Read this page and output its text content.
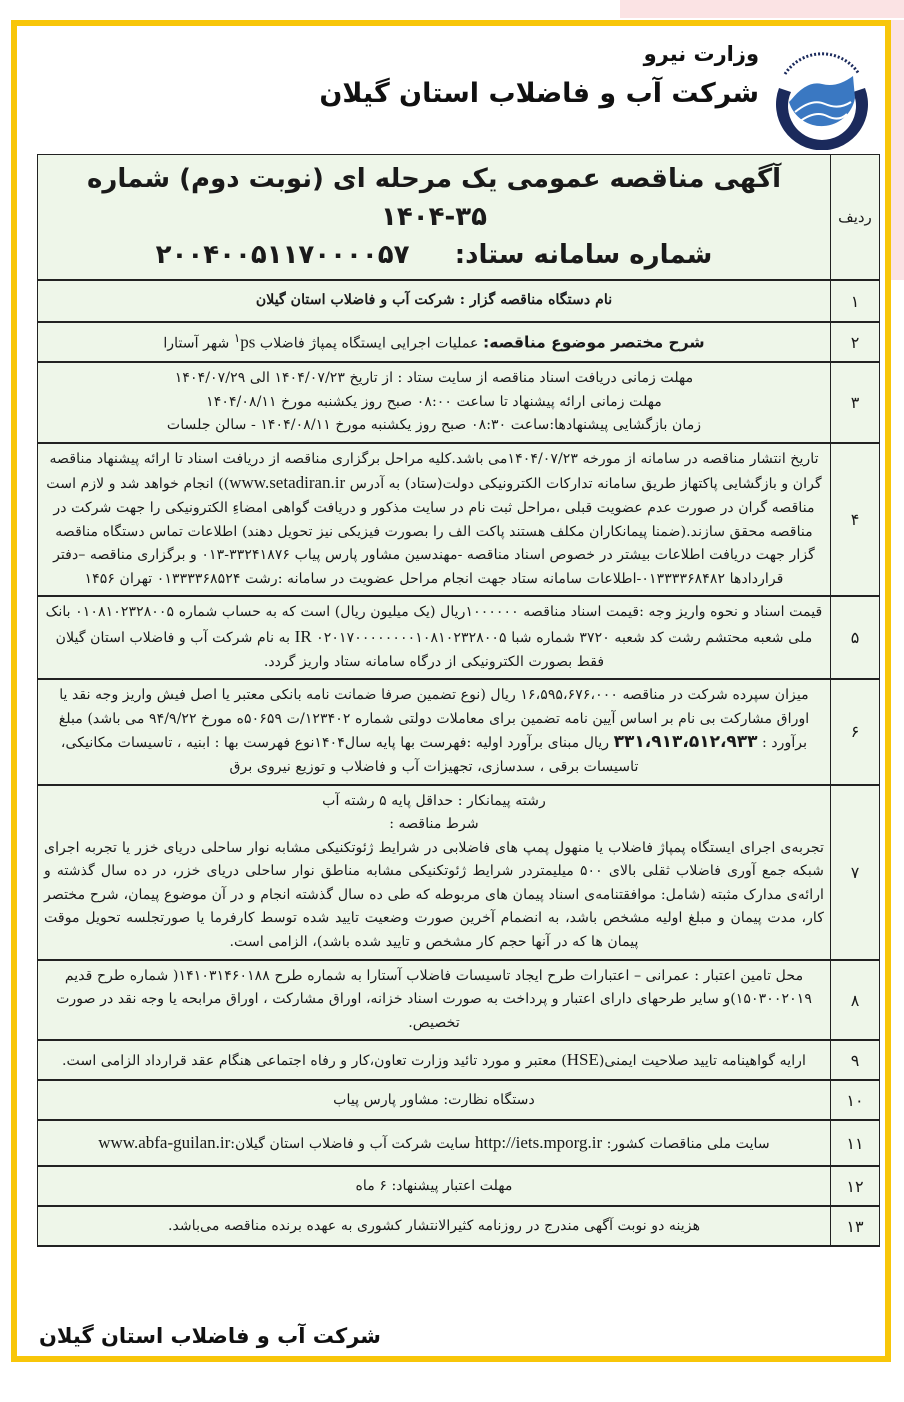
وزارت نیرو
شرکت آب و فاضلاب استان گیلان
ردیف	آگهی مناقصه عمومی یک مرحله ای (نوبت دوم) شماره ۳۵-۱۴۰۴
شماره سامانه ستاد:     ۲۰۰۴۰۰۵۱۱۷۰۰۰۰۵۷

۱	نام دستگاه مناقصه گزار : شرکت آب و فاضلاب استان گیلان
۲	شرح مختصر موضوع مناقصه: عملیات اجرایی ایستگاه پمپاژ فاضلاب $^۱$ps شهر آستارا
۳	مهلت زمانی دریافت اسناد مناقصه از سایت ستاد : از تاریخ ۱۴۰۴/۰۷/۲۳ الی ۱۴۰۴/۰۷/۲۹
مهلت زمانی ارائه پیشنهاد تا ساعت ۰۸:۰۰ صبح روز یکشنبه مورخ ۱۴۰۴/۰۸/۱۱
زمان بازگشایی پیشنهادها:ساعت ۰۸:۳۰ صبح روز یکشنبه مورخ ۱۴۰۴/۰۸/۱۱ - سالن جلسات

۴	تاریخ انتشار مناقصه در سامانه از مورخه ۱۴۰۴/۰۷/۲۳می باشد.کلیه مراحل برگزاری مناقصه از دریافت اسناد تا ارائه پیشنهاد مناقصه گران و بازگشایی پاکتهاز طریق سامانه تدارکات الکترونیکی دولت(ستاد) به آدرس www.setadiran.ir)) انجام خواهد شد و لازم است مناقصه گران در صورت عدم عضویت قبلی ،مراحل ثبت نام در سایت مذکور و دریافت گواهی امضاءِ الکترونیکی را جهت شرکت در مناقصه محقق سازند.(ضمنا پیمانکاران مکلف هستند پاکت الف را بصورت فیزیکی نیز تحویل دهند) اطلاعات تماس دستگاه مناقصه گزار جهت دریافت اطلاعات بیشتر در خصوص اسناد مناقصه -مهندسین مشاور پارس پیاب ۳۳۲۴۱۸۷۶-۰۱۳ و برگزاری مناقصه –دفتر قراردادها ۰۱۳۳۳۳۶۸۴۸۲-اطلاعات سامانه ستاد جهت انجام مراحل عضویت در سامانه :رشت ۰۱۳۳۳۳۶۸۵۲۴ تهران ۱۴۵۶
۵	قیمت اسناد و نحوه واریز وجه :قیمت اسناد مناقصه ۱۰۰۰۰۰۰ریال (یک میلیون ریال) است که به حساب شماره ۰۱۰۸۱۰۲۳۲۸۰۰۵ بانک ملی شعبه محتشم رشت کد شعبه ۳۷۲۰ شماره شبا ۰۲۰۱۷۰۰۰۰۰۰۰۰۱۰۸۱۰۲۳۲۸۰۰۵ IR به نام شرکت آب و فاضلاب استان گیلان فقط بصورت الکترونیکی از درگاه سامانه ستاد واریز گردد.
۶	میزان سپرده شرکت در مناقصه ۱۶،۵۹۵،۶۷۶،۰۰۰ ریال (نوع تضمین صرفا ضمانت نامه بانکی معتبر یا اصل فیش واریز وجه نقد یا اوراق مشارکت بی نام بر اساس آیین نامه تضمین برای معاملات دولتی شماره ۱۲۳۴۰۲/ت ۵۰۶۵۹ه مورخ ۹۴/۹/۲۲ می باشد) مبلغ برآورد : ۳۳۱،۹۱۳،۵۱۲،۹۳۳ ریال مبنای برآورد اولیه :فهرست بها پایه سال۱۴۰۴نوع فهرست بها : ابنیه ، تاسیسات مکانیکی، تاسیسات برقی ، سدسازی، تجهیزات آب و فاضلاب و توزیع نیروی برق
۷	رشته پیمانکار : حداقل پایه ۵ رشته آب
شرط مناقصه :
تجربه‌ی اجرای ایستگاه پمپاژ فاضلاب یا منهول پمپ های فاضلابی در شرایط ژئوتکنیکی مشابه نوار ساحلی دریای خزر یا تجربه اجرای شبکه جمع آوری فاضلاب ثقلی بالای ۵۰۰ میلیمتردر شرایط ژئوتکنیکی مشابه مناطق نوار ساحلی دریای خزر، در ده سال گذشته و ارائه‌ی مدارک مثبته (شامل: موافقتنامه‌ی اسناد پیمان های مربوطه که طی ده سال گذشته انجام و در آن موضوع پیمان، شرح مختصر کار، مدت پیمان و مبلغ اولیه مشخص باشد، به انضمام آخرین صورت وضعیت تایید شده توسط کارفرما یا صورتجلسه تحویل موقت پیمان ها که در آنها حجم کار مشخص و تایید شده باشد)، الزامی است.

۸	محل تامین اعتبار : عمرانی – اعتبارات طرح ایجاد تاسیسات فاضلاب آستارا به شماره طرح ۱۴۱۰۳۱۴۶۰۱۸۸( شماره طرح قدیم ۱۵۰۳۰۰۲۰۱۹)و سایر طرحهای دارای اعتبار و پرداخت به صورت اسناد خزانه، اوراق مشارکت ، اوراق مرابحه یا وجه نقد در صورت تخصیص.
۹	ارایه گواهینامه تایید صلاحیت ایمنی(HSE) معتبر و مورد تائید وزارت تعاون،کار و رفاه اجتماعی هنگام عقد قرارداد الزامی است.
۱۰	دستگاه نظارت: مشاور پارس پیاب
۱۱	سایت ملی مناقصات کشور: http://iets.mporg.ir سایت شرکت آب و فاضلاب استان گیلان:www.abfa-guilan.ir
۱۲	مهلت اعتبار پیشنهاد: ۶ ماه
۱۳	هزینه دو نوبت آگهی مندرج در روزنامه کثیرالانتشار کشوری به عهده برنده مناقصه می‌باشد.
شرکت آب و فاضلاب استان گیلان
